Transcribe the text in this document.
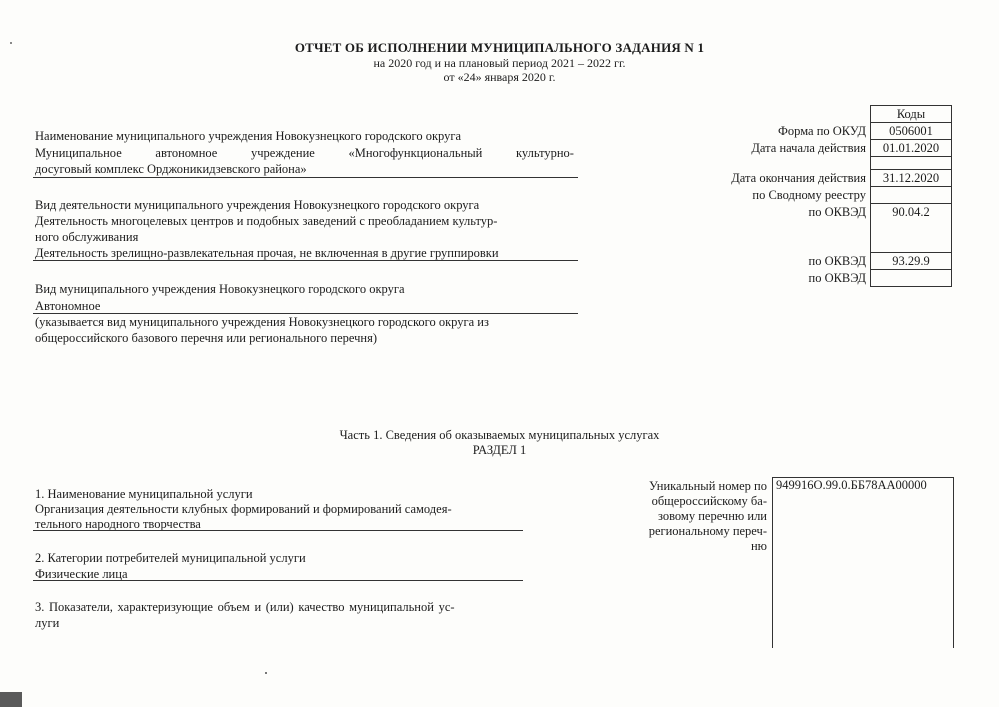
ОТЧЕТ ОБ ИСПОЛНЕНИИ МУНИЦИПАЛЬНОГО ЗАДАНИЯ N 1
на 2020 год и на плановый период 2021 – 2022 гг.
от «24» января 2020 г.
Наименование муниципального учреждения Новокузнецкого городского округа
Муниципальное	автономное	учреждение	«Многофункциональный	культурно-
досуговый комплекс Орджоникидзевского района»
Вид деятельности муниципального учреждения Новокузнецкого городского округа
Деятельность многоцелевых центров и подобных заведений с преобладанием культур-
ного обслуживания
Деятельность зрелищно-развлекательная прочая, не включенная в другие группировки
Вид муниципального учреждения Новокузнецкого городского округа
Автономное
(указывается вид муниципального учреждения Новокузнецкого городского округа из
общероссийского базового перечня или регионального перечня)
	Коды
Форма по ОКУД	0506001
Дата начала действия	01.01.2020

Дата окончания действия	31.12.2020
по Сводному реестру	
по ОКВЭД	90.04.2

по ОКВЭД	93.29.9
по ОКВЭД	
Часть 1. Сведения об оказываемых муниципальных услугах
РАЗДЕЛ 1
1. Наименование муниципальной услуги
Организация деятельности клубных формирований и формирований самодея-
тельного народного творчества
2. Категории потребителей муниципальной услуги
Физические лица
3. Показатели, характеризующие объем и (или) качество муниципальной ус-
луги
Уникальный номер по
общероссийскому ба-
зовому перечню или
региональному переч-
ню
949916О.99.0.ББ78АА00000
